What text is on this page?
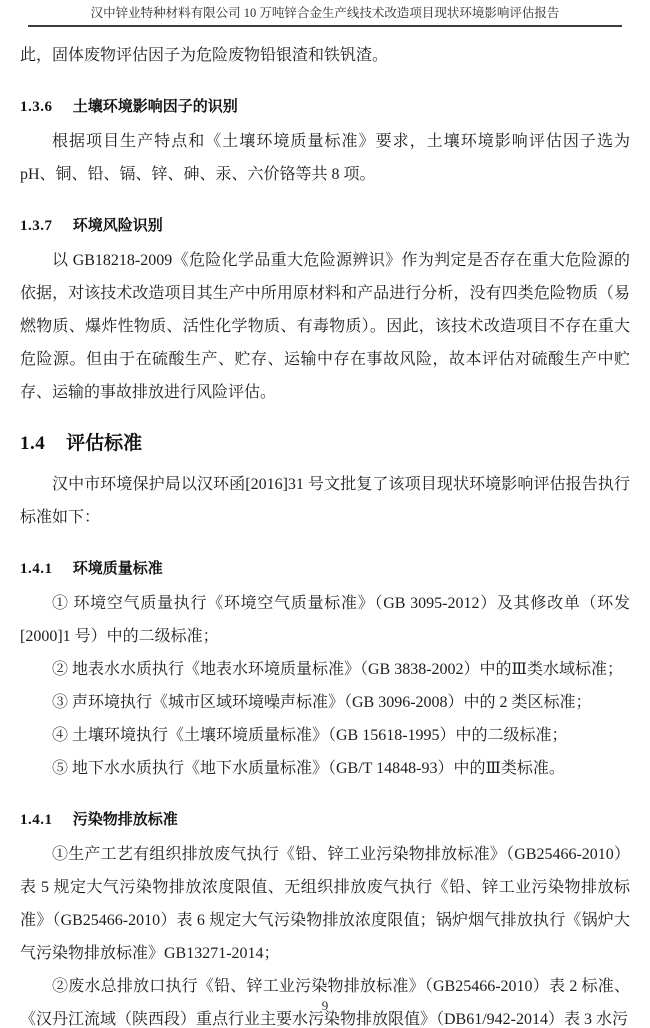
汉中锌业特种材料有限公司 10 万吨锌合金生产线技术改造项目现状环境影响评估报告

此，固体废物评估因子为危险废物铅银渣和铁钒渣。

1.3.6 土壤环境影响因子的识别

根据项目生产特点和《土壤环境质量标准》要求，土壤环境影响评估因子选为 pH、铜、铅、镉、锌、砷、汞、六价铬等共 8 项。

1.3.7 环境风险识别

以 GB18218-2009《危险化学品重大危险源辨识》作为判定是否存在重大危险源的依据，对该技术改造项目其生产中所用原材料和产品进行分析，没有四类危险物质（易燃物质、爆炸性物质、活性化学物质、有毒物质）。因此，该技术改造项目不存在重大危险源。但由于在硫酸生产、贮存、运输中存在事故风险，故本评估对硫酸生产中贮存、运输的事故排放进行风险评估。

1.4 评估标准

汉中市环境保护局以汉环函[2016]31 号文批复了该项目现状环境影响评估报告执行标准如下：

1.4.1 环境质量标准

① 环境空气质量执行《环境空气质量标准》（GB 3095-2012）及其修改单（环发[2000]1 号）中的二级标准；

② 地表水水质执行《地表水环境质量标准》（GB 3838-2002）中的Ⅲ类水域标准；

③ 声环境执行《城市区域环境噪声标准》（GB 3096-2008）中的 2 类区标准；

④ 土壤环境执行《土壤环境质量标准》（GB 15618-1995）中的二级标准；

⑤ 地下水水质执行《地下水质量标准》（GB/T 14848-93）中的Ⅲ类标准。

1.4.1 污染物排放标准

①生产工艺有组织排放废气执行《铅、锌工业污染物排放标准》（GB25466-2010）表 5 规定大气污染物排放浓度限值、无组织排放废气执行《铅、锌工业污染物排放标准》（GB25466-2010）表 6 规定大气污染物排放浓度限值；锅炉烟气排放执行《锅炉大气污染物排放标准》GB13271-2014；

②废水总排放口执行《铅、锌工业污染物排放标准》（GB25466-2010）表 2 标准、《汉丹江流域（陕西段）重点行业主要水污染物排放限值》（DB61/942-2014）表 3 水污

9
